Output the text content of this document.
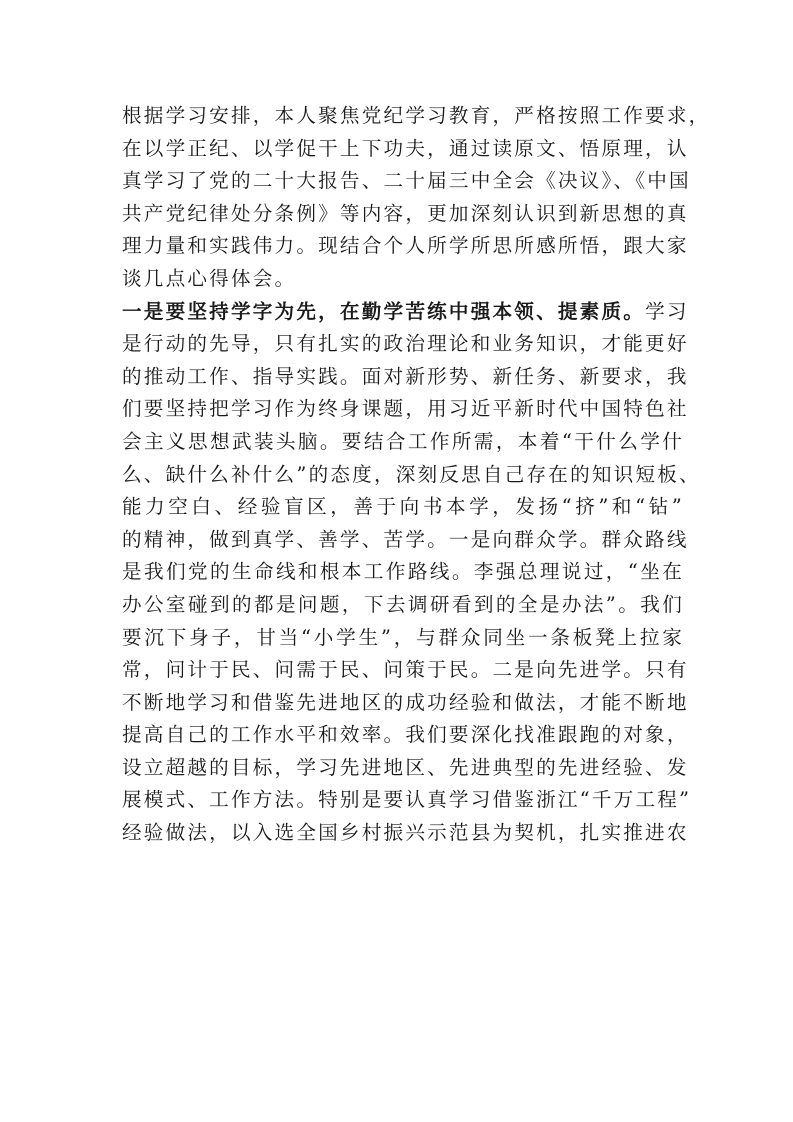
根据学习安排，本人聚焦党纪学习教育，严格按照工作要求，
在以学正纪、以学促干上下功夫，通过读原文、悟原理，认
真学习了党的二十大报告、二十届三中全会《决议》、《中国
共产党纪律处分条例》等内容，更加深刻认识到新思想的真
理力量和实践伟力。现结合个人所学所思所感所悟，跟大家
谈几点心得体会。
一是要坚持学字为先，在勤学苦练中强本领、提素质。学习
是行动的先导，只有扎实的政治理论和业务知识，才能更好
的推动工作、指导实践。面对新形势、新任务、新要求，我
们要坚持把学习作为终身课题，用习近平新时代中国特色社
会主义思想武装头脑。要结合工作所需，本着“干什么学什
么、缺什么补什么”的态度，深刻反思自己存在的知识短板、
能力空白、经验盲区，善于向书本学，发扬“挤”和“钻”
的精神，做到真学、善学、苦学。一是向群众学。群众路线
是我们党的生命线和根本工作路线。李强总理说过，“坐在
办公室碰到的都是问题，下去调研看到的全是办法”。我们
要沉下身子，甘当“小学生”，与群众同坐一条板凳上拉家
常，问计于民、问需于民、问策于民。二是向先进学。只有
不断地学习和借鉴先进地区的成功经验和做法，才能不断地
提高自己的工作水平和效率。我们要深化找准跟跑的对象，
设立超越的目标，学习先进地区、先进典型的先进经验、发
展模式、工作方法。特别是要认真学习借鉴浙江“千万工程”
经验做法，以入选全国乡村振兴示范县为契机，扎实推进农
